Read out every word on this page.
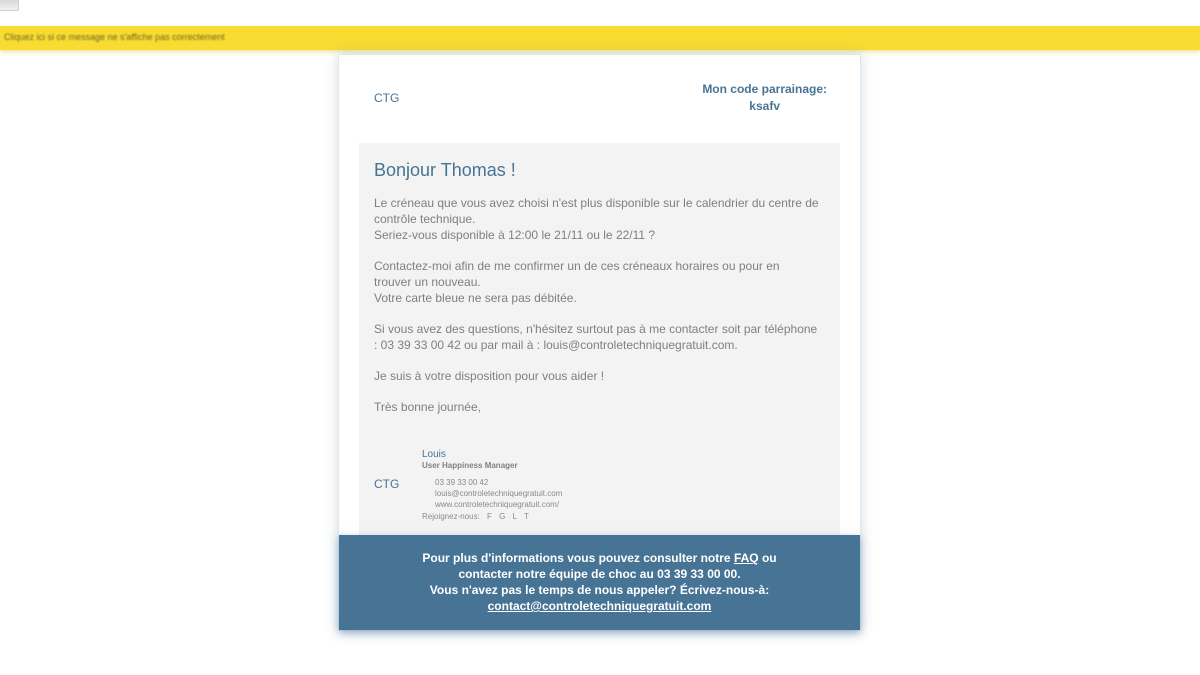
Cliquez ici si ce message ne s'affiche pas correctement
CTG
Mon code parrainage:
ksafv
Bonjour Thomas !

Le créneau que vous avez choisi n'est plus disponible sur le calendrier du centre de contrôle technique.
Seriez-vous disponible à 12:00 le 21/11 ou le 22/11 ?

Contactez-moi afin de me confirmer un de ces créneaux horaires ou pour en trouver un nouveau.
Votre carte bleue ne sera pas débitée.

Si vous avez des questions, n'hésitez surtout pas à me contacter soit par téléphone : 03 39 33 00 42 ou par mail à : louis@controletechniquegratuit.com.

Je suis à votre disposition pour vous aider !

Très bonne journée,

CTG
Louis
User Happiness Manager
03 39 33 00 42
louis@controletechniquegratuit.com
www.controletechniquegratuit.com/
Rejoignez-nous: F G L T
Pour plus d'informations vous pouvez consulter notre FAQ ou
contacter notre équipe de choc au 03 39 33 00 00.
Vous n'avez pas le temps de nous appeler? Écrivez-nous-à:
contact@controletechniquegratuit.com
